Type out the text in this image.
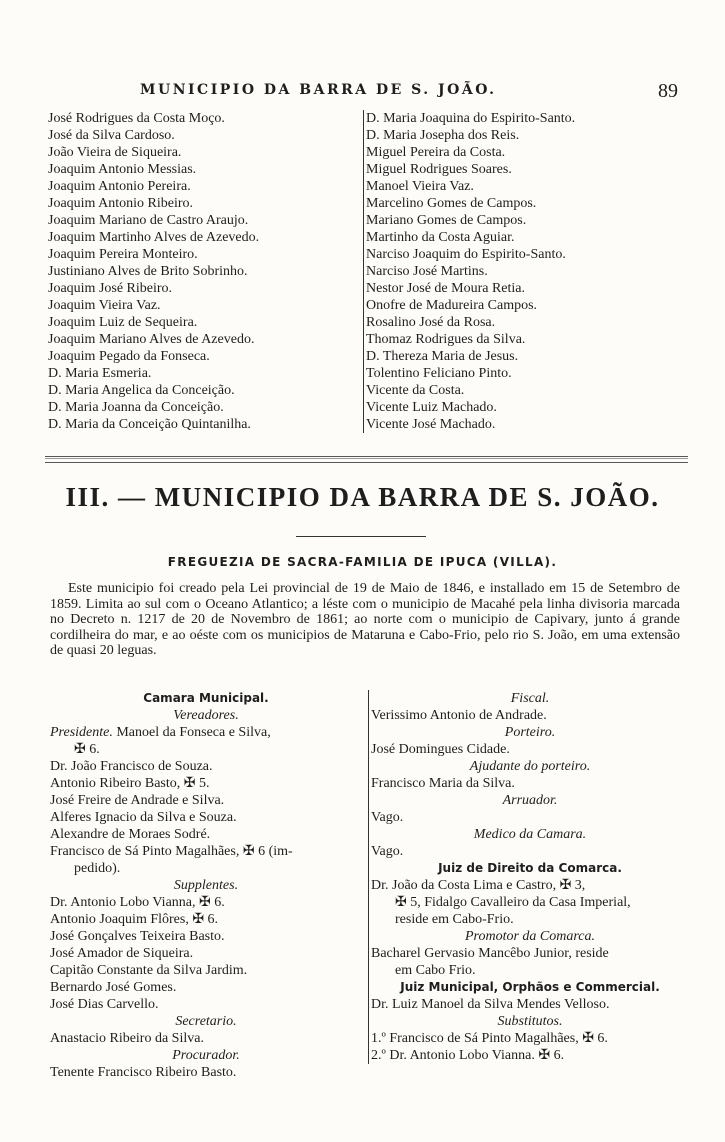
MUNICIPIO DA BARRA DE S. JOÃO.	89
José Rodrigues da Costa Moço.
José da Silva Cardoso.
João Vieira de Siqueira.
Joaquim Antonio Messias.
Joaquim Antonio Pereira.
Joaquim Antonio Ribeiro.
Joaquim Mariano de Castro Araujo.
Joaquim Martinho Alves de Azevedo.
Joaquim Pereira Monteiro.
Justiniano Alves de Brito Sobrinho.
Joaquim José Ribeiro.
Joaquim Vieira Vaz.
Joaquim Luiz de Sequeira.
Joaquim Mariano Alves de Azevedo.
Joaquim Pegado da Fonseca.
D. Maria Esmeria.
D. Maria Angelica da Conceição.
D. Maria Joanna da Conceição.
D. Maria da Conceição Quintanilha.
D. Maria Joaquina do Espirito-Santo.
D. Maria Josepha dos Reis.
Miguel Pereira da Costa.
Miguel Rodrigues Soares.
Manoel Vieira Vaz.
Marcelino Gomes de Campos.
Mariano Gomes de Campos.
Martinho da Costa Aguiar.
Narciso Joaquim do Espirito-Santo.
Narciso José Martins.
Nestor José de Moura Retia.
Onofre de Madureira Campos.
Rosalino José da Rosa.
Thomaz Rodrigues da Silva.
D. Thereza Maria de Jesus.
Tolentino Feliciano Pinto.
Vicente da Costa.
Vicente Luiz Machado.
Vicente José Machado.
III. — MUNICIPIO DA BARRA DE S. JOÃO.
FREGUEZIA DE SACRA-FAMILIA DE IPUCA (VILLA).
Este municipio foi creado pela Lei provincial de 19 de Maio de 1846, e installado em 15 de Setembro de 1859. Limita ao sul com o Oceano Atlantico; a léste com o municipio de Macahé pela linha divisoria marcada no Decreto n. 1217 de 20 de Novembro de 1861; ao norte com o municipio de Capivary, junto á grande cordilheira do mar, e ao oéste com os municipios de Mataruna e Cabo-Frio, pelo rio S. João, em uma extensão de quasi 20 leguas.
Camara Municipal.
Vereadores.
Presidente. Manoel da Fonseca e Silva,
✠ 6.
Dr. João Francisco de Souza.
Antonio Ribeiro Basto, ✠ 5.
José Freire de Andrade e Silva.
Alferes Ignacio da Silva e Souza.
Alexandre de Moraes Sodré.
Francisco de Sá Pinto Magalhães, ✠ 6 (im-
pedido).
Supplentes.
Dr. Antonio Lobo Vianna, ✠ 6.
Antonio Joaquim Flôres, ✠ 6.
José Gonçalves Teixeira Basto.
José Amador de Siqueira.
Capitão Constante da Silva Jardim.
Bernardo José Gomes.
José Dias Carvello.
Secretario.
Anastacio Ribeiro da Silva.
Procurador.
Tenente Francisco Ribeiro Basto.
Fiscal.
Verissimo Antonio de Andrade.
Porteiro.
José Domingues Cidade.
Ajudante do porteiro.
Francisco Maria da Silva.
Arruador.
Vago.
Medico da Camara.
Vago.
Juiz de Direito da Comarca.
Dr. João da Costa Lima e Castro, ✠ 3,
✠ 5, Fidalgo Cavalleiro da Casa Imperial,
reside em Cabo-Frio.
Promotor da Comarca.
Bacharel Gervasio Mancêbo Junior, reside
em Cabo Frio.
Juiz Municipal, Orphãos e Commercial.
Dr. Luiz Manoel da Silva Mendes Velloso.
Substitutos.
1.º Francisco de Sá Pinto Magalhães, ✠ 6.
2.º Dr. Antonio Lobo Vianna. ✠ 6.
